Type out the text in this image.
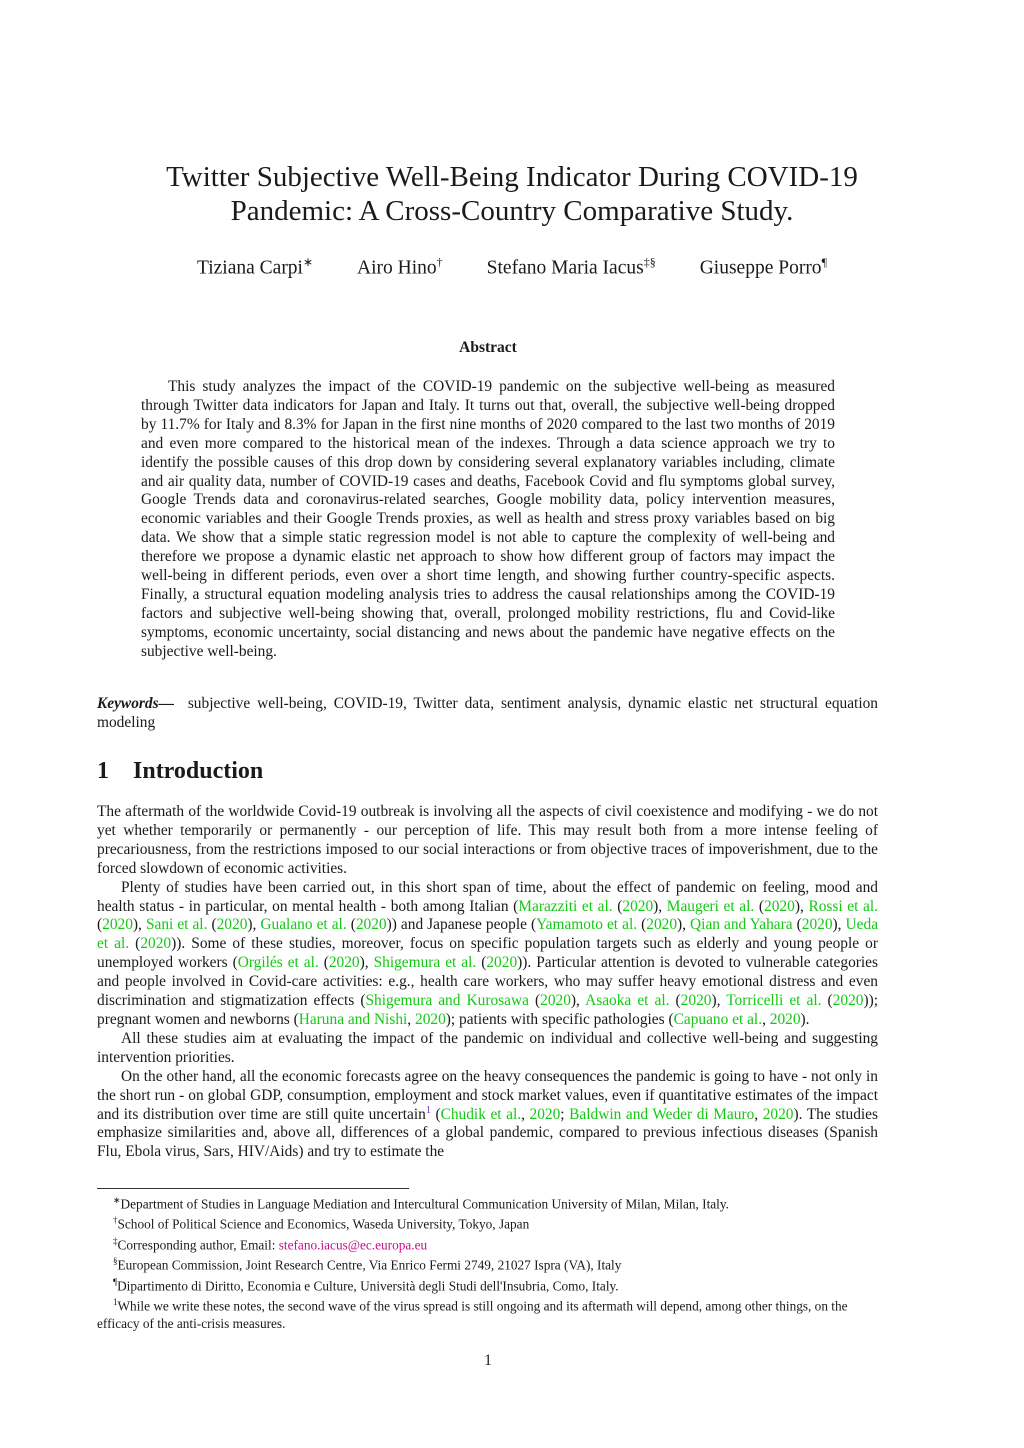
Twitter Subjective Well-Being Indicator During COVID-19
Pandemic: A Cross-Country Comparative Study.
Tiziana Carpi∗ Airo Hino† Stefano Maria Iacus‡§ Giuseppe Porro¶
Abstract

This study analyzes the impact of the COVID-19 pandemic on the subjective well-being as measured through Twitter data indicators for Japan and Italy. It turns out that, overall, the subjective well-being dropped by 11.7% for Italy and 8.3% for Japan in the first nine months of 2020 compared to the last two months of 2019 and even more compared to the historical mean of the indexes. Through a data science approach we try to identify the possible causes of this drop down by considering several explanatory variables including, climate and air quality data, number of COVID-19 cases and deaths, Facebook Covid and flu symptoms global survey, Google Trends data and coronavirus-related searches, Google mobility data, policy intervention measures, economic variables and their Google Trends proxies, as well as health and stress proxy variables based on big data. We show that a simple static regression model is not able to capture the complexity of well-being and therefore we propose a dynamic elastic net approach to show how different group of factors may impact the well-being in different periods, even over a short time length, and showing further country-specific aspects. Finally, a structural equation modeling analysis tries to address the causal relationships among the COVID-19 factors and subjective well-being showing that, overall, prolonged mobility restrictions, flu and Covid-like symptoms, economic uncertainty, social distancing and news about the pandemic have negative effects on the subjective well-being.

Keywords— subjective well-being, COVID-19, Twitter data, sentiment analysis, dynamic elastic net structural equation modeling

1 Introduction

The aftermath of the worldwide Covid-19 outbreak is involving all the aspects of civil coexistence and modifying - we do not yet whether temporarily or permanently - our perception of life. This may result both from a more intense feeling of precariousness, from the restrictions imposed to our social interactions or from objective traces of impoverishment, due to the forced slowdown of economic activities.

Plenty of studies have been carried out, in this short span of time, about the effect of pandemic on feeling, mood and health status - in particular, on mental health - both among Italian (Marazziti et al. (2020), Maugeri et al. (2020), Rossi et al. (2020), Sani et al. (2020), Gualano et al. (2020)) and Japanese people (Yamamoto et al. (2020), Qian and Yahara (2020), Ueda et al. (2020)). Some of these studies, moreover, focus on specific population targets such as elderly and young people or unemployed workers (Orgilés et al. (2020), Shigemura et al. (2020)). Particular attention is devoted to vulnerable categories and people involved in Covid-care activities: e.g., health care workers, who may suffer heavy emotional distress and even discrimination and stigmatization effects (Shigemura and Kurosawa (2020), Asaoka et al. (2020), Torricelli et al. (2020)); pregnant women and newborns (Haruna and Nishi, 2020); patients with specific pathologies (Capuano et al., 2020).

All these studies aim at evaluating the impact of the pandemic on individual and collective well-being and suggesting intervention priorities.

On the other hand, all the economic forecasts agree on the heavy consequences the pandemic is going to have - not only in the short run - on global GDP, consumption, employment and stock market values, even if quantitative estimates of the impact and its distribution over time are still quite uncertain$^1$ (Chudik et al., 2020; Baldwin and Weder di Mauro, 2020). The studies emphasize similarities and, above all, differences of a global pandemic, compared to previous infectious diseases (Spanish Flu, Ebola virus, Sars, HIV/Aids) and try to estimate the

∗Department of Studies in Language Mediation and Intercultural Communication University of Milan, Milan, Italy.
†School of Political Science and Economics, Waseda University, Tokyo, Japan
‡Corresponding author, Email: stefano.iacus@ec.europa.eu
§European Commission, Joint Research Centre, Via Enrico Fermi 2749, 21027 Ispra (VA), Italy
¶Dipartimento di Diritto, Economia e Culture, Università degli Studi dell'Insubria, Como, Italy.
$^1$While we write these notes, the second wave of the virus spread is still ongoing and its aftermath will depend, among other things, on the efficacy of the anti-crisis measures.
1
